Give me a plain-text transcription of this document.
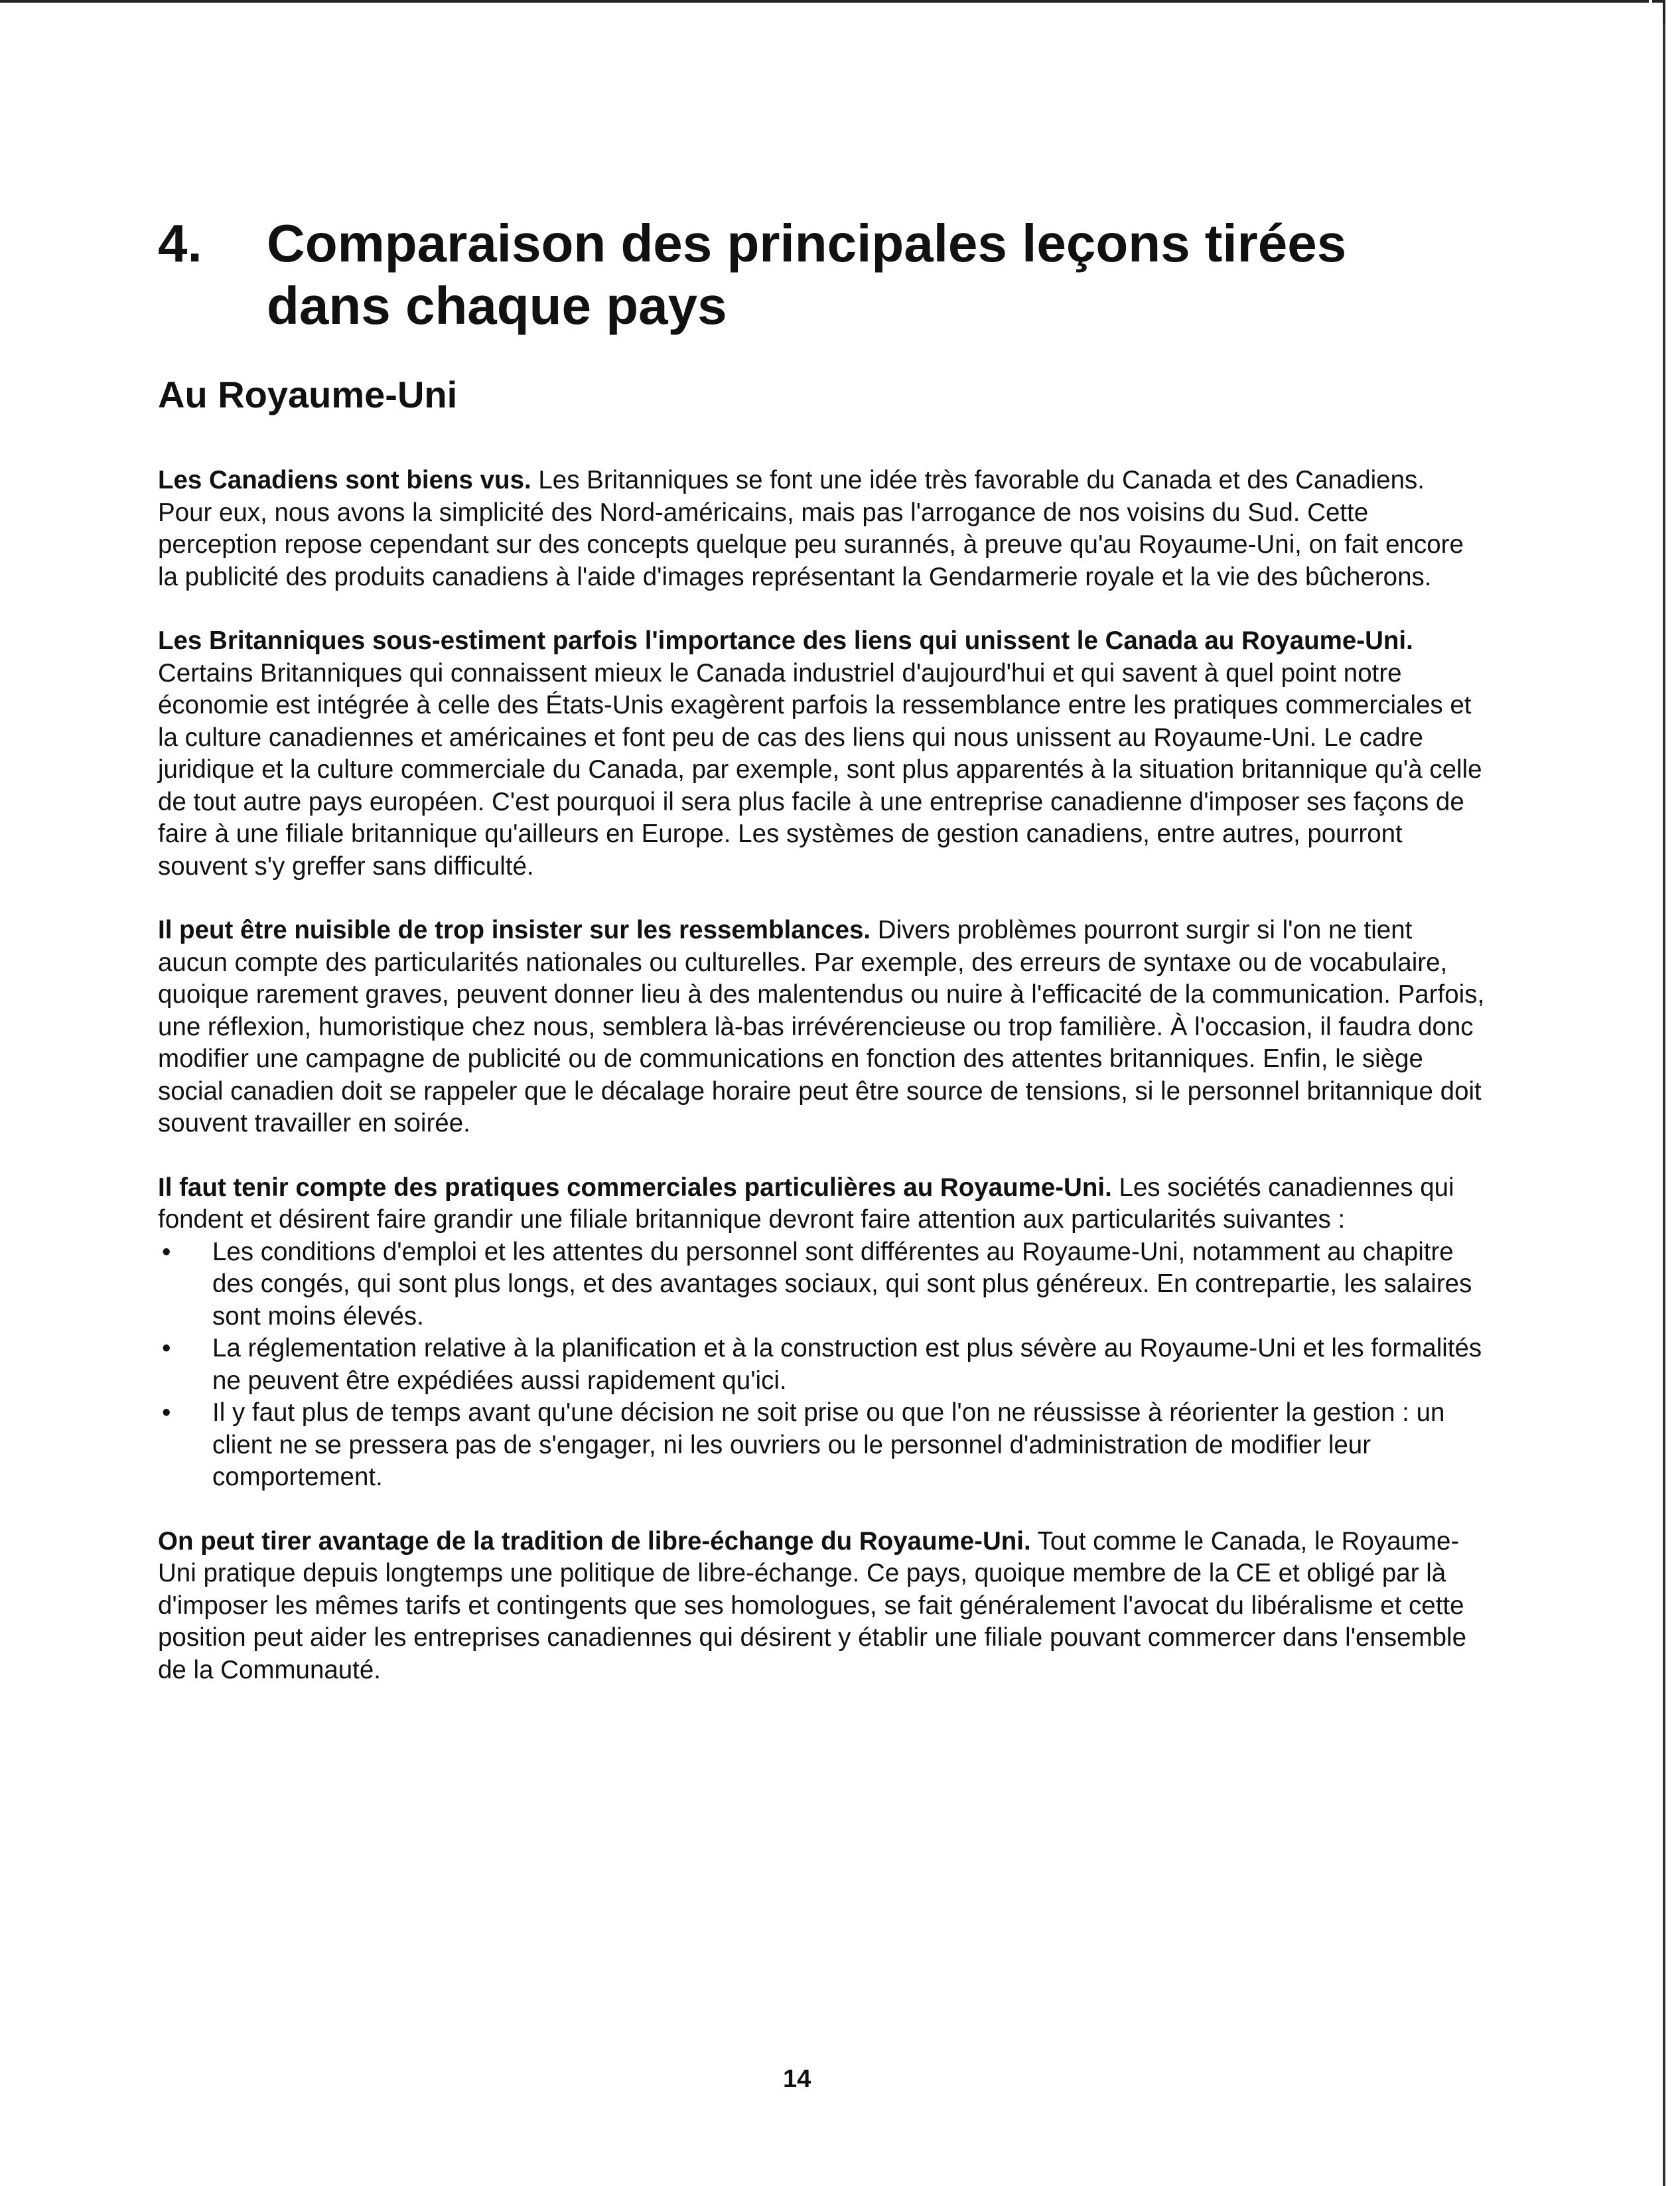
4.	Comparaison des principales leçons tirées dans chaque pays
Au Royaume-Uni

Les Canadiens sont biens vus. Les Britanniques se font une idée très favorable du Canada et des Canadiens. Pour eux, nous avons la simplicité des Nord-américains, mais pas l'arrogance de nos voisins du Sud. Cette perception repose cependant sur des concepts quelque peu surannés, à preuve qu'au Royaume-Uni, on fait encore la publicité des produits canadiens à l'aide d'images représentant la Gendarmerie royale et la vie des bûcherons.

Les Britanniques sous-estiment parfois l'importance des liens qui unissent le Canada au Royaume-Uni. Certains Britanniques qui connaissent mieux le Canada industriel d'aujourd'hui et qui savent à quel point notre économie est intégrée à celle des États-Unis exagèrent parfois la ressemblance entre les pratiques commerciales et la culture canadiennes et américaines et font peu de cas des liens qui nous unissent au Royaume-Uni. Le cadre juridique et la culture commerciale du Canada, par exemple, sont plus apparentés à la situation britannique qu'à celle de tout autre pays européen. C'est pourquoi il sera plus facile à une entreprise canadienne d'imposer ses façons de faire à une filiale britannique qu'ailleurs en Europe. Les systèmes de gestion canadiens, entre autres, pourront souvent s'y greffer sans difficulté.

Il peut être nuisible de trop insister sur les ressemblances. Divers problèmes pourront surgir si l'on ne tient aucun compte des particularités nationales ou culturelles. Par exemple, des erreurs de syntaxe ou de vocabulaire, quoique rarement graves, peuvent donner lieu à des malentendus ou nuire à l'efficacité de la communication. Parfois, une réflexion, humoristique chez nous, semblera là-bas irrévérencieuse ou trop familière. À l'occasion, il faudra donc modifier une campagne de publicité ou de communications en fonction des attentes britanniques. Enfin, le siège social canadien doit se rappeler que le décalage horaire peut être source de tensions, si le personnel britannique doit souvent travailler en soirée.

Il faut tenir compte des pratiques commerciales particulières au Royaume-Uni. Les sociétés canadiennes qui fondent et désirent faire grandir une filiale britannique devront faire attention aux particularités suivantes :

• Les conditions d'emploi et les attentes du personnel sont différentes au Royaume-Uni, notamment au chapitre des congés, qui sont plus longs, et des avantages sociaux, qui sont plus généreux. En contrepartie, les salaires sont moins élevés.
• La réglementation relative à la planification et à la construction est plus sévère au Royaume-Uni et les formalités ne peuvent être expédiées aussi rapidement qu'ici.
• Il y faut plus de temps avant qu'une décision ne soit prise ou que l'on ne réussisse à réorienter la gestion : un client ne se pressera pas de s'engager, ni les ouvriers ou le personnel d'administration de modifier leur comportement.

On peut tirer avantage de la tradition de libre-échange du Royaume-Uni. Tout comme le Canada, le Royaume-Uni pratique depuis longtemps une politique de libre-échange. Ce pays, quoique membre de la CE et obligé par là d'imposer les mêmes tarifs et contingents que ses homologues, se fait généralement l'avocat du libéralisme et cette position peut aider les entreprises canadiennes qui désirent y établir une filiale pouvant commercer dans l'ensemble de la Communauté.

14
